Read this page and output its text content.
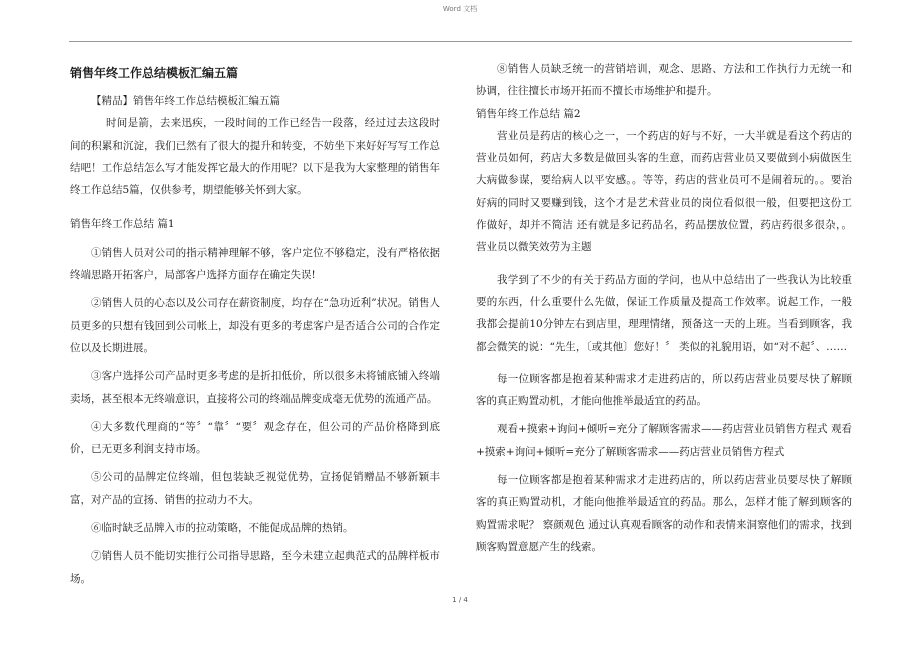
Word 文档
销售年终工作总结模板汇编五篇

【精品】销售年终工作总结模板汇编五篇

时间是箭，去来迅疾，一段时间的工作已经告一段落，经过过去这段时间的积累和沉淀，我们已然有了很大的提升和转变，不妨坐下来好好写写工作总结吧！工作总结怎么写才能发挥它最大的作用呢？以下是我为大家整理的销售年终工作总结5篇，仅供参考，期望能够关怀到大家。

销售年终工作总结 篇1

①销售人员对公司的指示精神理解不够，客户定位不够稳定，没有严格依据终端思路开拓客户，局部客户选择方面存在确定失误!

②销售人员的心态以及公司存在薪资制度，均存在“急功近利”状况。销售人员更多的只想有钱回到公司帐上，却没有更多的考虑客户是否适合公司的合作定位以及长期进展。

③客户选择公司产品时更多考虑的是折扣低价，所以很多未将铺底铺入终端卖场，甚至根本无终端意识，直接将公司的终端品牌变成毫无优势的流通产品。

④大多数代理商的“等〞“靠〞“要〞观念存在，但公司的产品价格降到底价，已无更多利润支持市场。

⑤公司的品牌定位终端，但包装缺乏视觉优势，宣扬促销赠品不够新颖丰富，对产品的宣扬、销售的拉动力不大。

⑥临时缺乏品牌入市的拉动策略，不能促成品牌的热销。

⑦销售人员不能切实推行公司指导思路，至今未建立起典范式的品牌样板市场。

⑧销售人员缺乏统一的营销培训，观念、思路、方法和工作执行力无统一和协调，往往擅长市场开拓而不擅长市场维护和提升。

销售年终工作总结 篇2

营业员是药店的核心之一，一个药店的好与不好，一大半就是看这个药店的营业员如何，药店大多数是做回头客的生意，而药店营业员又要做到小病做医生大病做参谋，要给病人以平安感。。等等，药店的营业员可不是闹着玩的。。要治好病的同时又要赚到钱，这个才是艺术营业员的岗位看似很一般，但要把这份工作做好，却并不简洁 还有就是多记药品名，药品摆放位置，药店药很多很杂，。营业员以微笑效劳为主题

我学到了不少的有关于药品方面的学问，也从中总结出了一些我认为比较重要的东西，什么重要什么先做，保证工作质量及提高工作效率。说起工作，一般我都会提前10分钟左右到店里，理理情绪，预备这一天的上班。当看到顾客，我都会微笑的说：“先生，〔或其他〕您好！〞 类似的礼貌用语，如“对不起〞、……

每一位顾客都是抱着某种需求才走进药店的，所以药店营业员要尽快了解顾客的真正购置动机，才能向他推举最适宜的药品。

观看+摸索+询问+倾听=充分了解顾客需求——药店营业员销售方程式 观看+摸索+询问+倾听=充分了解顾客需求——药店营业员销售方程式

每一位顾客都是抱着某种需求才走进药店的，所以药店营业员要尽快了解顾客的真正购置动机，才能向他推举最适宜的药品。那么，怎样才能了解到顾客的购置需求呢？ 察颜观色 通过认真观看顾客的动作和表情来洞察他们的需求，找到顾客购置意愿产生的线索。

1 / 4
